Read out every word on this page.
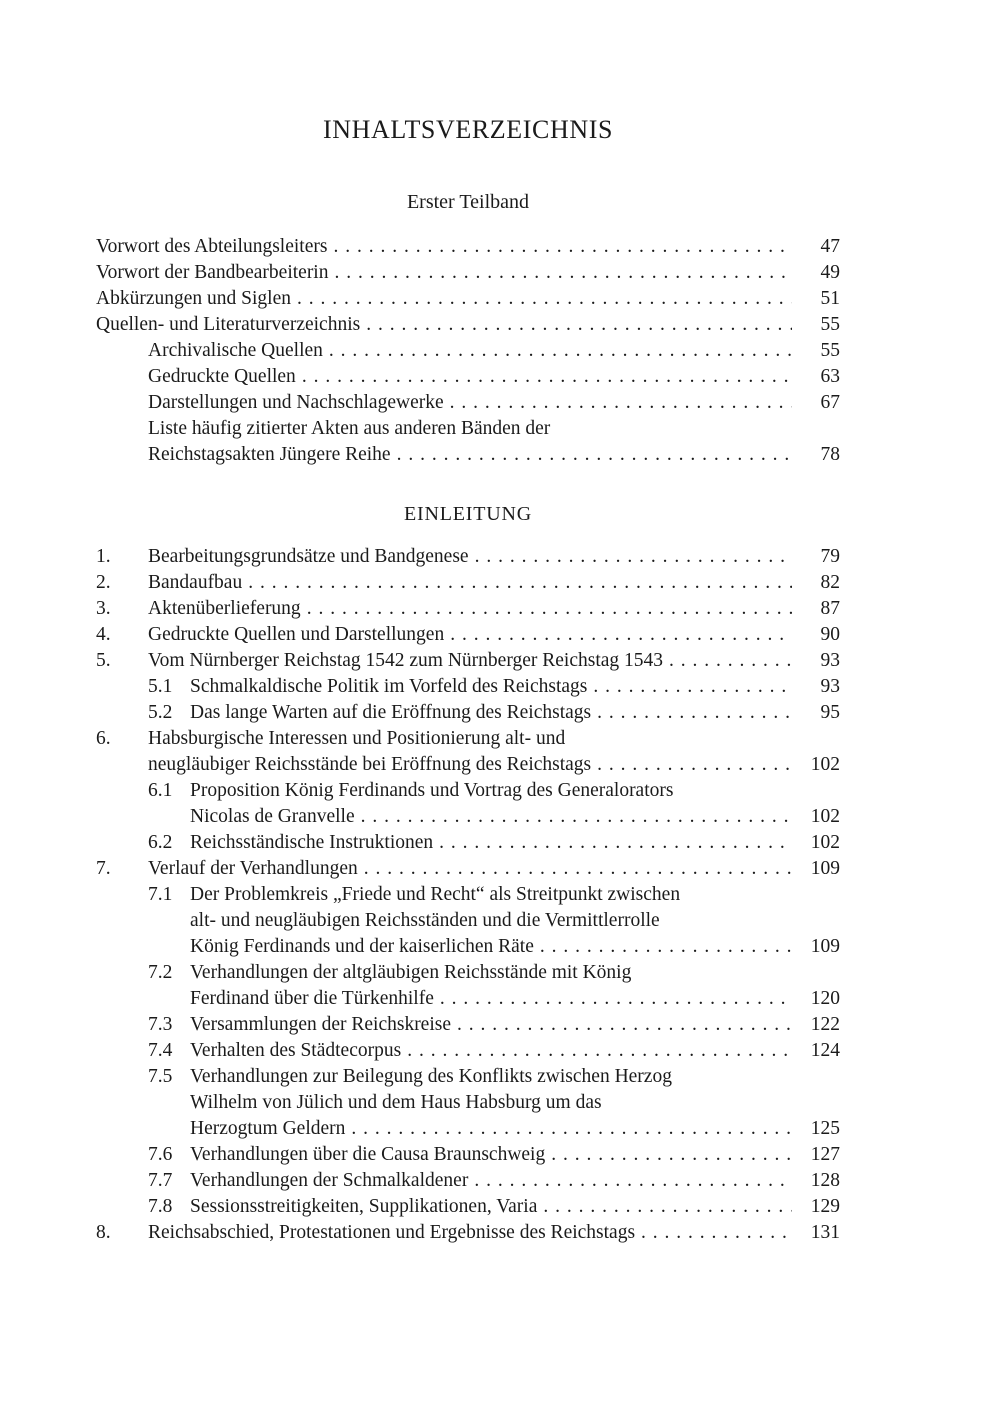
INHALTSVERZEICHNIS
Erster Teilband
Vorwort des Abteilungsleiters . . .	47
Vorwort der Bandbearbeiterin . . .	49
Abkürzungen und Siglen . . .	51
Quellen- und Literaturverzeichnis . . .	55
Archivalische Quellen . . .	55
Gedruckte Quellen . . .	63
Darstellungen und Nachschlagewerke . . .	67
Liste häufig zitierter Akten aus anderen Bänden der
Reichstagsakten Jüngere Reihe . . .	78
EINLEITUNG
1.	Bearbeitungsgrundsätze und Bandgenese . . .	79
2.	Bandaufbau . . .	82
3.	Aktenüberlieferung . . .	87
4.	Gedruckte Quellen und Darstellungen . . .	90
5.	Vom Nürnberger Reichstag 1542 zum Nürnberger Reichstag 1543 . . .	93
5.1 Schmalkaldische Politik im Vorfeld des Reichstags . . .	93
5.2 Das lange Warten auf die Eröffnung des Reichstags . . .	95
6.	Habsburgische Interessen und Positionierung alt- und
neugläubiger Reichsstände bei Eröffnung des Reichstags . . .	102
6.1 Proposition König Ferdinands und Vortrag des Generalorators
Nicolas de Granvelle . . .	102
6.2 Reichsständische Instruktionen . . .	102
7.	Verlauf der Verhandlungen . . .	109
7.1 Der Problemkreis „Friede und Recht“ als Streitpunkt zwischen
alt- und neugläubigen Reichsständen und die Vermittlerrolle
König Ferdinands und der kaiserlichen Räte . . .	109
7.2 Verhandlungen der altgläubigen Reichsstände mit König
Ferdinand über die Türkenhilfe . . .	120
7.3 Versammlungen der Reichskreise . . .	122
7.4 Verhalten des Städtecorpus . . .	124
7.5 Verhandlungen zur Beilegung des Konflikts zwischen Herzog
Wilhelm von Jülich und dem Haus Habsburg um das
Herzogtum Geldern . . .	125
7.6 Verhandlungen über die Causa Braunschweig . . .	127
7.7 Verhandlungen der Schmalkaldener . . .	128
7.8 Sessionsstreitigkeiten, Supplikationen, Varia . . .	129
8.	Reichsabschied, Protestationen und Ergebnisse des Reichstags . . .	131
